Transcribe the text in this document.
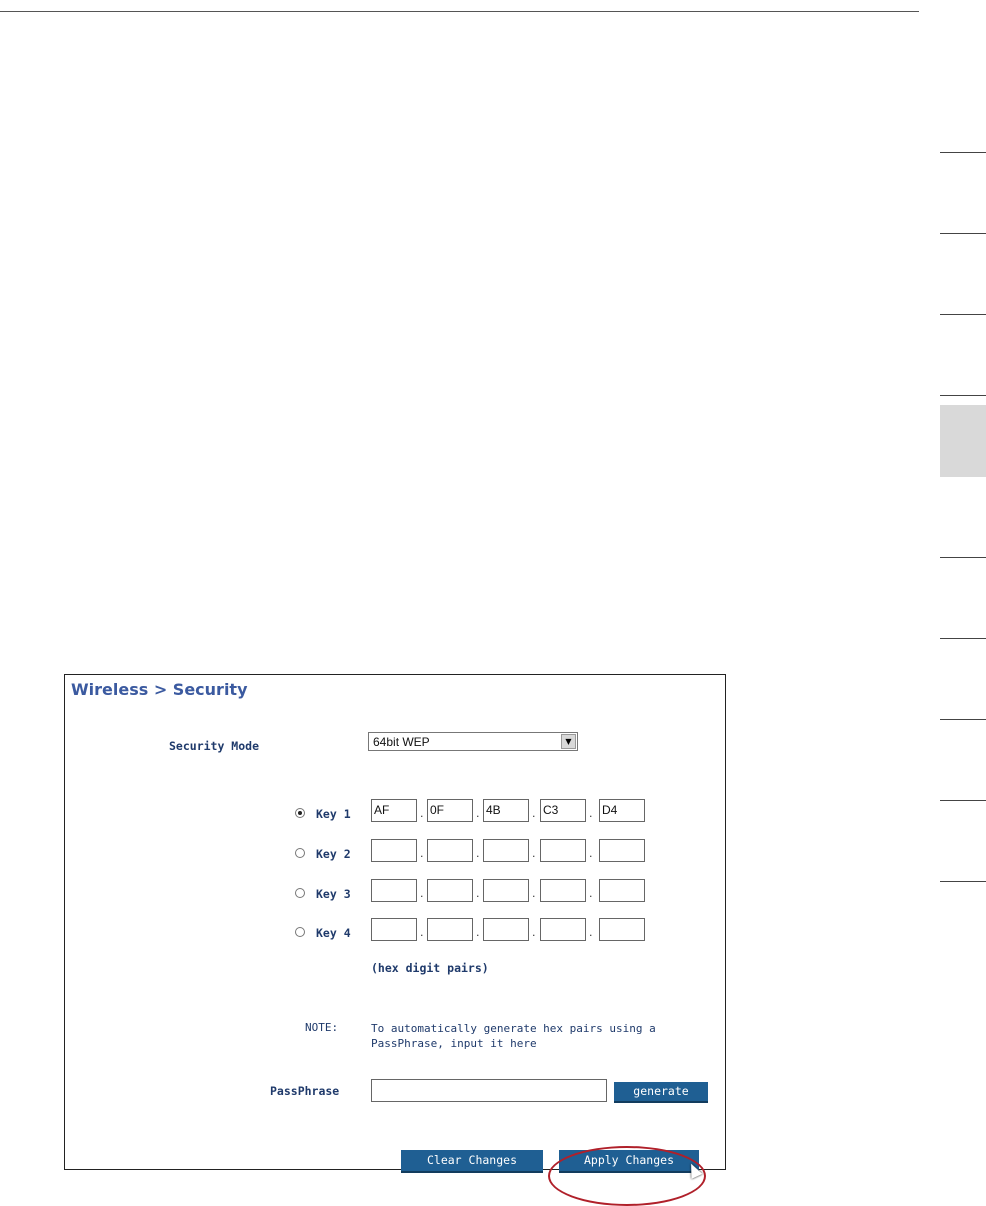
Wireless > Security
Security Mode	64bit WEP	▼
Key 1 AF	. 0F	. 4B	. C3	. D4
Key 2	.	.	.	.
Key 3	.	.	.	.
Key 4	.	.	.	.
(hex digit pairs)
NOTE:	To automatically generate hex pairs using a PassPhrase, input it here
PassPhrase	generate
Clear Changes	Apply Changes
